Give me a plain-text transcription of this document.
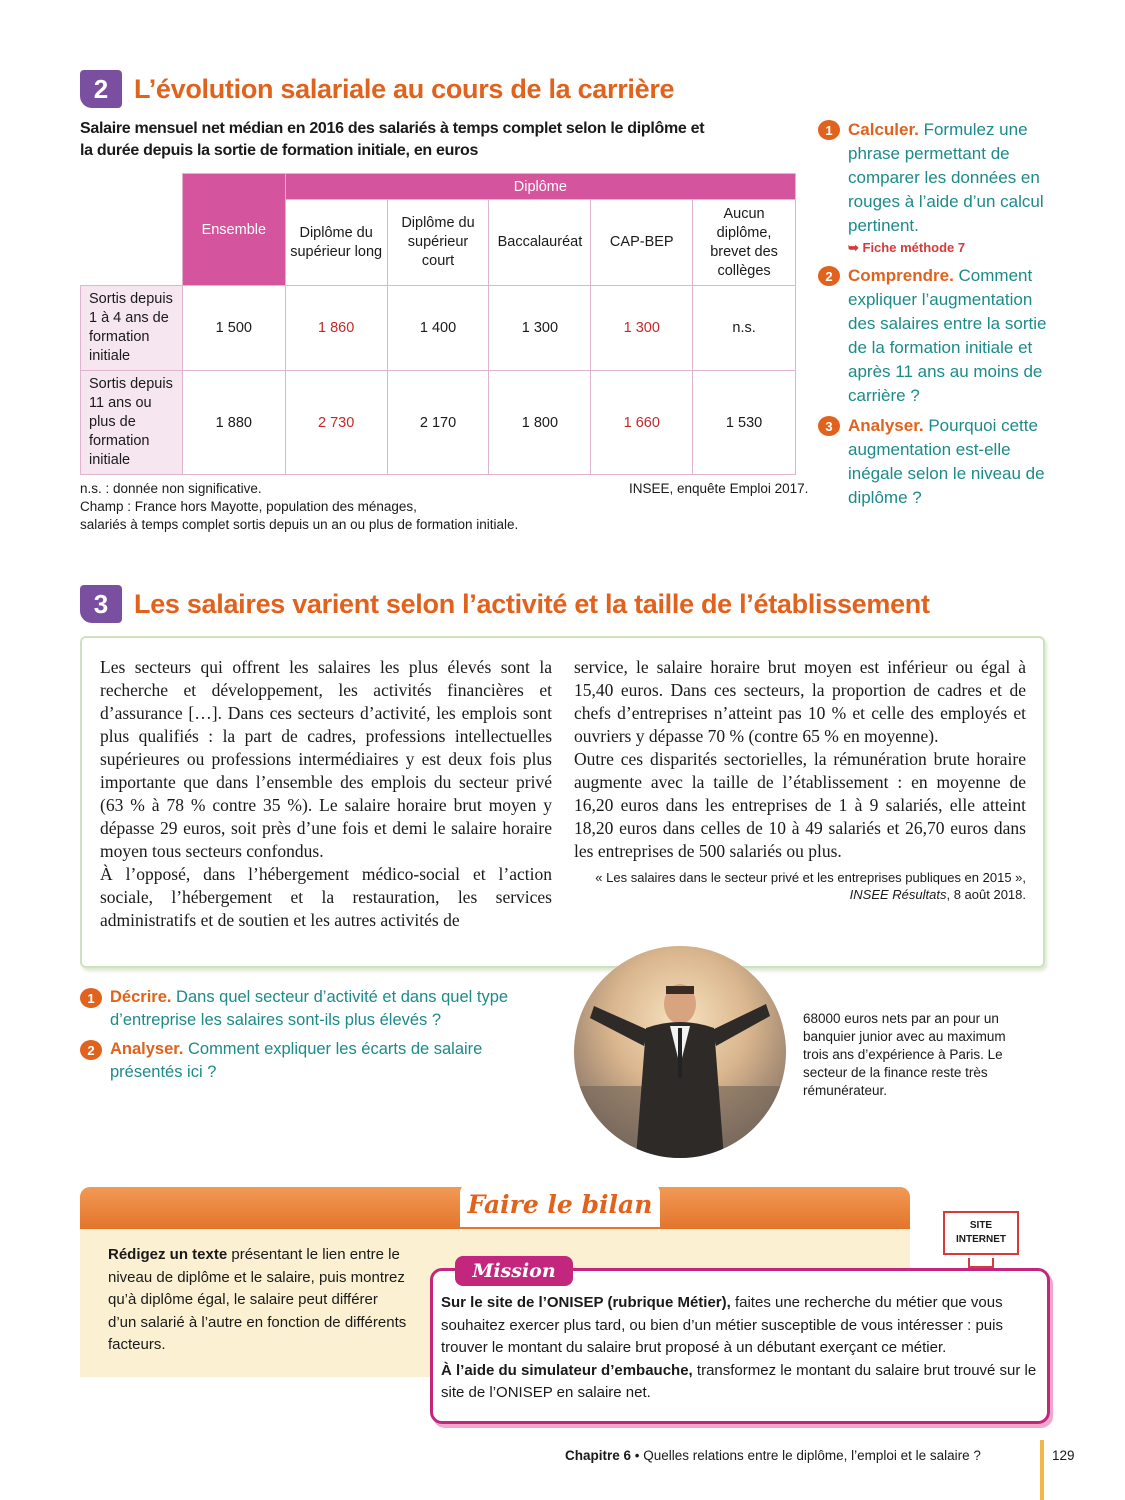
2 L’évolution salariale au cours de la carrière
Salaire mensuel net médian en 2016 des salariés à temps complet selon le diplôme et la durée depuis la sortie de formation initiale, en euros
	Ensemble	Diplôme				
		Diplôme du supérieur long	Diplôme du supérieur court	Baccalauréat	CAP-BEP	Aucun diplôme, brevet des collèges
Sortis depuis 1 à 4 ans de formation initiale	1 500	1 860	1 400	1 300	1 300	n.s.
Sortis depuis 11 ans ou plus de formation initiale	1 880	2 730	2 170	1 800	1 660	1 530
n.s. : donnée non significative.	INSEE, enquête Emploi 2017.
Champ : France hors Mayotte, population des ménages,
salariés à temps complet sortis depuis un an ou plus de formation initiale.
1 Calculer. Formulez une phrase permettant de comparer les données en rouges à l’aide d’un calcul pertinent.
➥ Fiche méthode 7
2 Comprendre. Comment expliquer l’augmentation des salaires entre la sortie de la formation initiale et après 11 ans au moins de carrière ?
3 Analyser. Pourquoi cette augmentation est-elle inégale selon le niveau de diplôme ?
3 Les salaires varient selon l’activité et la taille de l’établissement

Les secteurs qui offrent les salaires les plus élevés sont la recherche et développement, les activités financières et d’assurance […]. Dans ces secteurs d’activité, les emplois sont plus qualifiés : la part de cadres, professions intellectuelles supérieures ou professions intermédiaires y est deux fois plus importante que dans l’ensemble des emplois du secteur privé (63 % à 78 % contre 35 %). Le salaire horaire brut moyen y dépasse 29 euros, soit près d’une fois et demi le salaire horaire moyen tous secteurs confondus.

À l’opposé, dans l’hébergement médico-social et l’action sociale, l’hébergement et la restauration, les services administratifs et de soutien et les autres activités de

service, le salaire horaire brut moyen est inférieur ou égal à 15,40 euros. Dans ces secteurs, la proportion de cadres et de chefs d’entreprises n’atteint pas 10 % et celle des employés et ouvriers y dépasse 70 % (contre 65 % en moyenne).

Outre ces disparités sectorielles, la rémunération brute horaire augmente avec la taille de l’établissement : en moyenne de 16,20 euros dans les entreprises de 1 à 9 salariés, elle atteint 18,20 euros dans celles de 10 à 49 salariés et 26,70 euros dans les entreprises de 500 salariés ou plus.

« Les salaires dans le secteur privé et les entreprises publiques en 2015 », INSEE Résultats, 8 août 2018.
1 Décrire. Dans quel secteur d’activité et dans quel type d’entreprise les salaires sont-ils plus élevés ?
2 Analyser. Comment expliquer les écarts de salaire présentés ici ?
68000 euros nets par an pour un banquier junior avec au maximum trois ans d’expérience à Paris. Le secteur de la finance reste très rémunérateur.
Faire le bilan
Rédigez un texte présentant le lien entre le niveau de diplôme et le salaire, puis montrez qu’à diplôme égal, le salaire peut différer d’un salarié à l’autre en fonction de différents facteurs.
SITE INTERNET
Mission
Sur le site de l’ONISEP (rubrique Métier), faites une recherche du métier que vous souhaitez exercer plus tard, ou bien d’un métier susceptible de vous intéresser : puis trouver le montant du salaire brut proposé à un débutant exerçant ce métier.
À l’aide du simulateur d’embauche, transformez le montant du salaire brut trouvé sur le site de l’ONISEP en salaire net.
Chapitre 6 • Quelles relations entre le diplôme, l’emploi et le salaire ?	129
